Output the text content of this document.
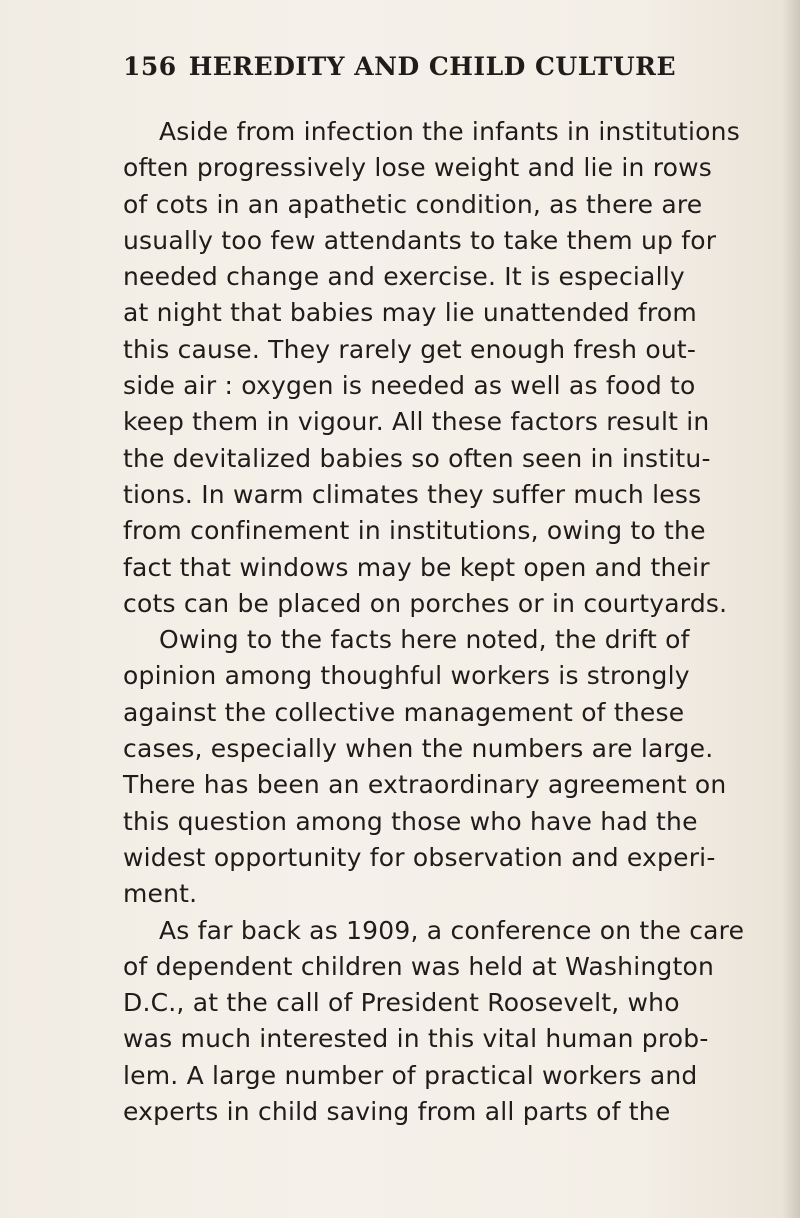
156 HEREDITY AND CHILD CULTURE
Aside from infection the infants in institutions
often progressively lose weight and lie in rows
of cots in an apathetic condition, as there are
usually too few attendants to take them up for
needed change and exercise. It is especially
at night that babies may lie unattended from
this cause. They rarely get enough fresh out-
side air : oxygen is needed as well as food to
keep them in vigour. All these factors result in
the devitalized babies so often seen in institu-
tions. In warm climates they suffer much less
from confinement in institutions, owing to the
fact that windows may be kept open and their
cots can be placed on porches or in courtyards.
Owing to the facts here noted, the drift of
opinion among thoughful workers is strongly
against the collective management of these
cases, especially when the numbers are large.
There has been an extraordinary agreement on
this question among those who have had the
widest opportunity for observation and experi-
ment.
As far back as 1909, a conference on the care
of dependent children was held at Washington
D.C., at the call of President Roosevelt, who
was much interested in this vital human prob-
lem. A large number of practical workers and
experts in child saving from all parts of the
